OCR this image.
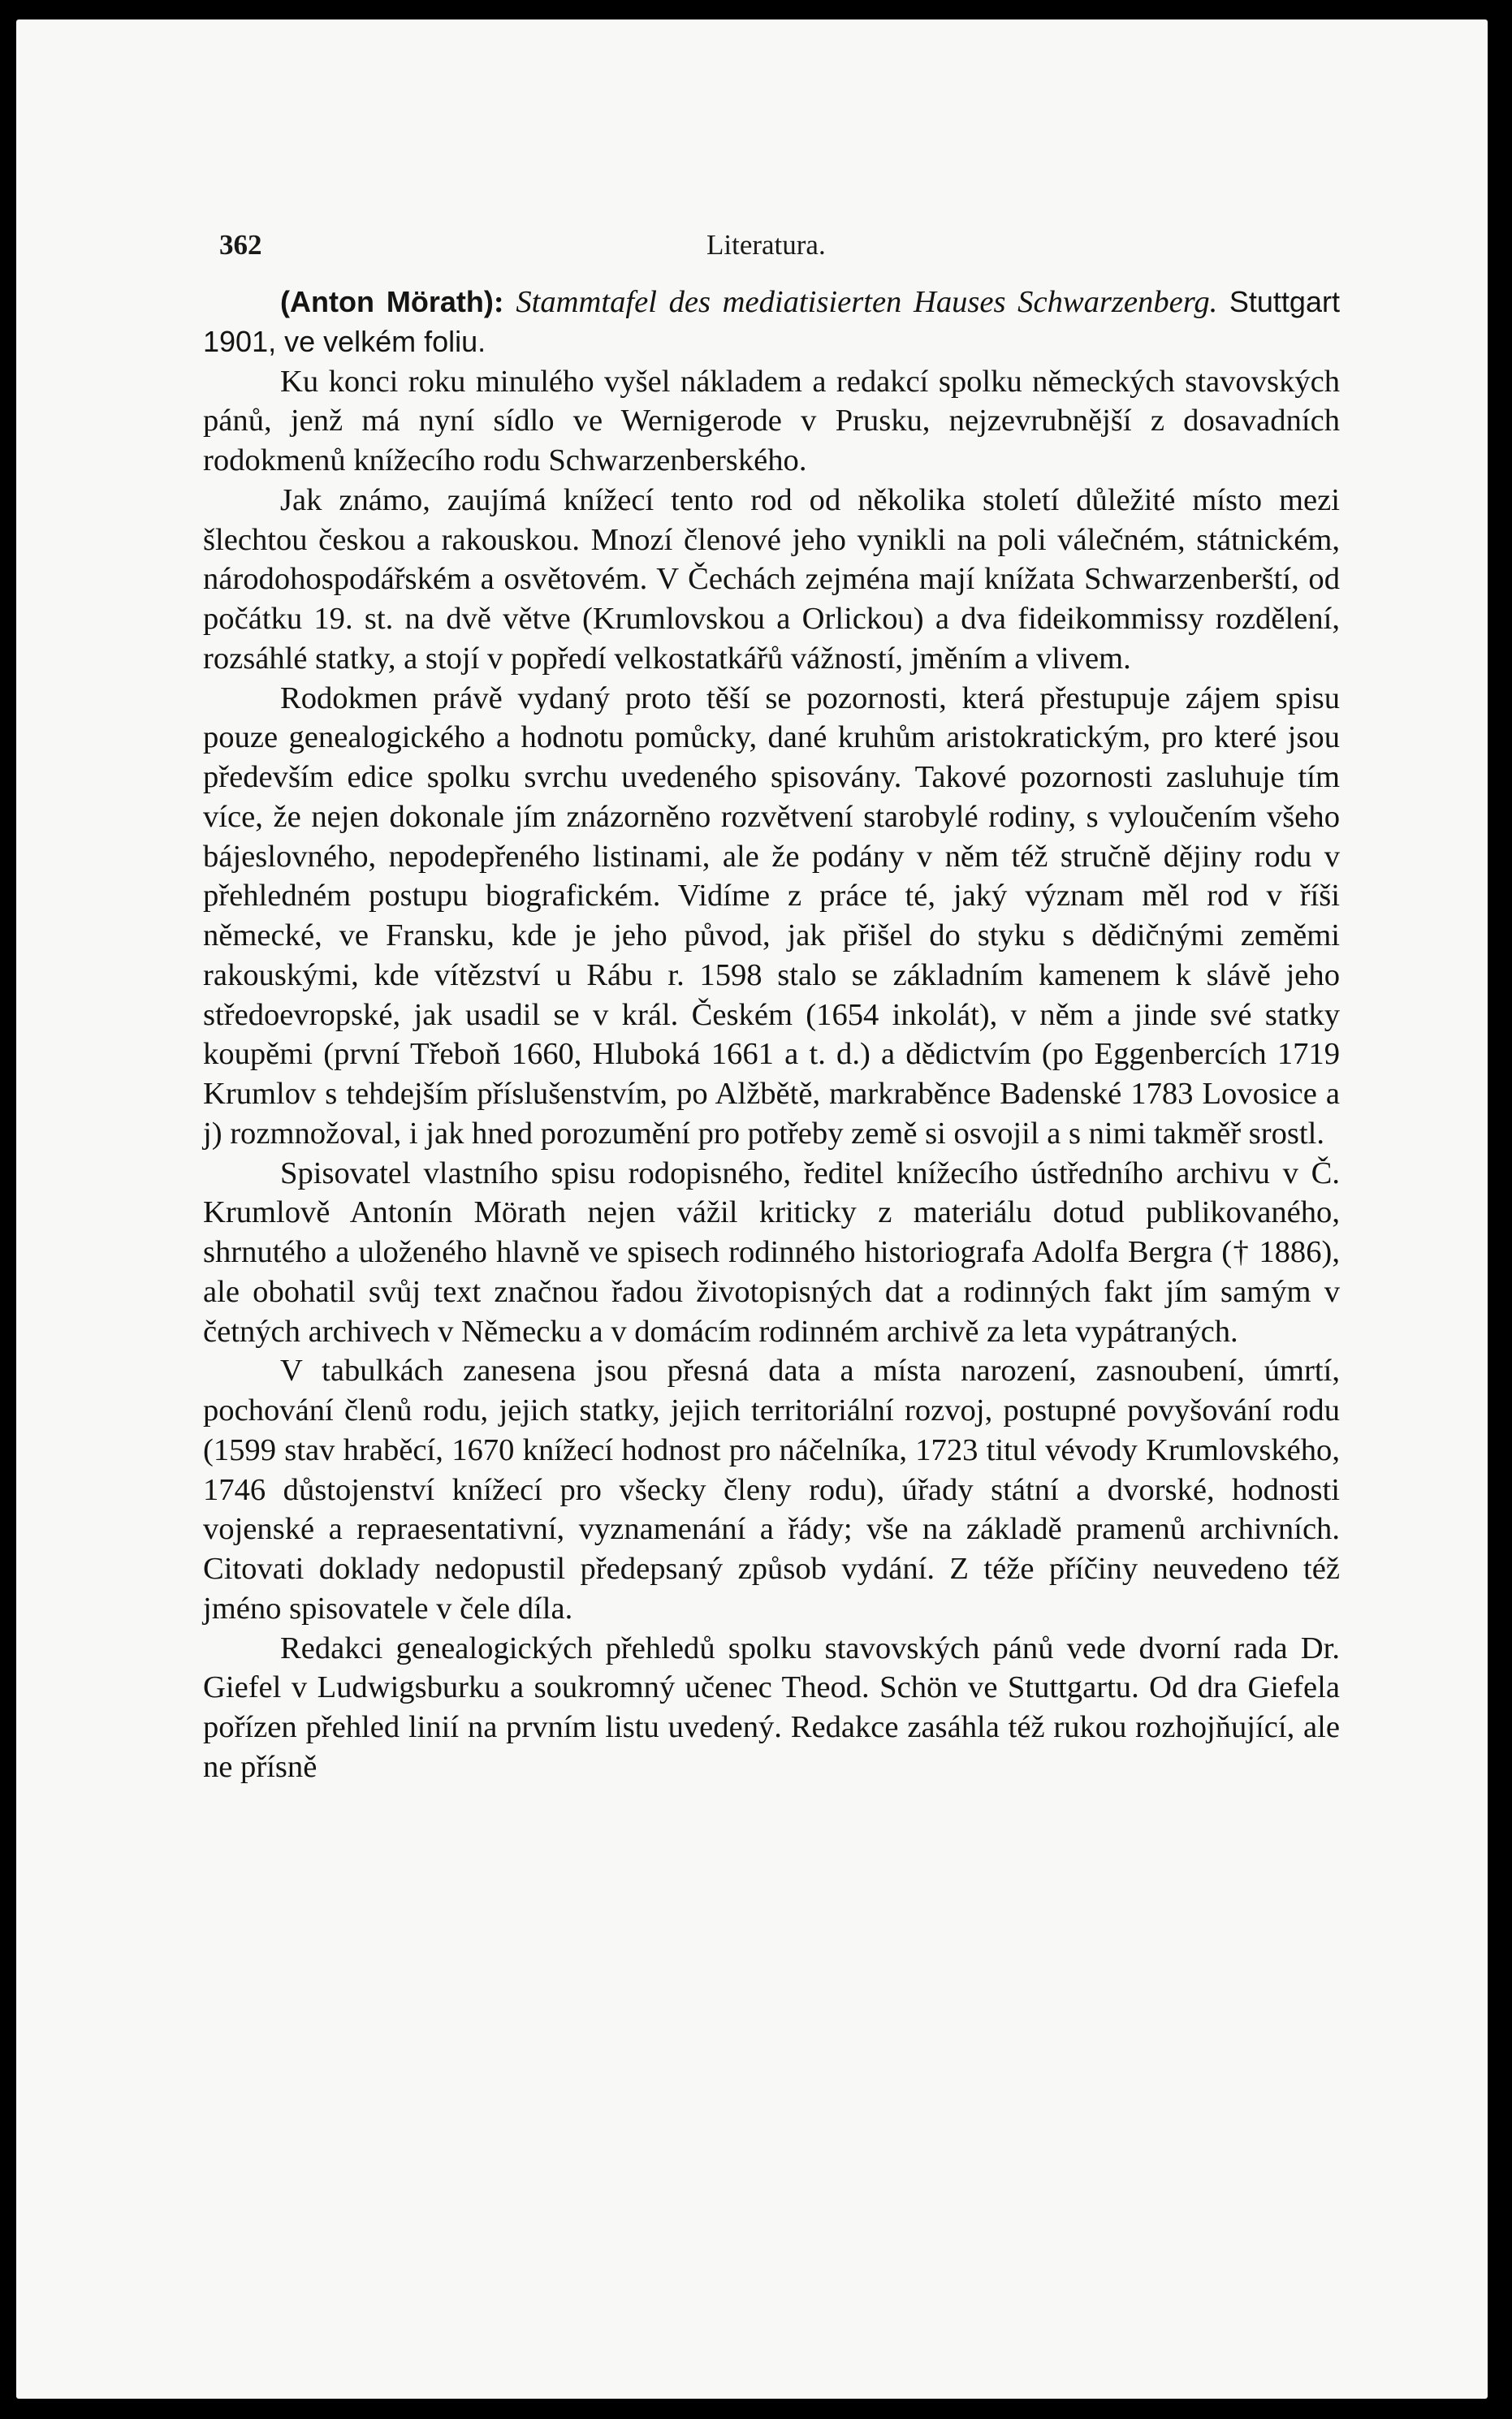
362	Literatura.

(Anton Mörath): Stammtafel des mediatisierten Hauses Schwarzenberg. Stuttgart 1901, ve velkém foliu.

Ku konci roku minulého vyšel nákladem a redakcí spolku německých stavovských pánů, jenž má nyní sídlo ve Wernigerode v Prusku, nejzevrubnější z dosavadních rodokmenů knížecího rodu Schwarzenberského.

Jak známo, zaujímá knížecí tento rod od několika století důležité místo mezi šlechtou českou a rakouskou. Mnozí členové jeho vynikli na poli válečném, státnickém, národohospodářském a osvětovém. V Čechách zejména mají knížata Schwarzenberští, od počátku 19. st. na dvě větve (Krumlovskou a Orlickou) a dva fideikommissy rozdělení, rozsáhlé statky, a stojí v popředí velkostatkářů vážností, jměním a vlivem.

Rodokmen právě vydaný proto těší se pozornosti, která přestupuje zájem spisu pouze genealogického a hodnotu pomůcky, dané kruhům aristokratickým, pro které jsou především edice spolku svrchu uvedeného spisovány. Takové pozornosti zasluhuje tím více, že nejen dokonale jím znázorněno rozvětvení starobylé rodiny, s vyloučením všeho bájeslovného, nepodepřeného listinami, ale že podány v něm též stručně dějiny rodu v přehledném postupu biografickém. Vidíme z práce té, jaký význam měl rod v říši německé, ve Fransku, kde je jeho původ, jak přišel do styku s dědičnými zeměmi rakouskými, kde vítězství u Rábu r. 1598 stalo se základním kamenem k slávě jeho středoevropské, jak usadil se v král. Českém (1654 inkolát), v něm a jinde své statky koupěmi (první Třeboň 1660, Hluboká 1661 a t. d.) a dědictvím (po Eggenbercích 1719 Krumlov s tehdejším příslušenstvím, po Alžbětě, markraběnce Badenské 1783 Lovosice a j) rozmnožoval, i jak hned porozumění pro potřeby země si osvojil a s nimi takměř srostl.

Spisovatel vlastního spisu rodopisného, ředitel knížecího ústředního archivu v Č. Krumlově Antonín Mörath nejen vážil kriticky z materiálu dotud publikovaného, shrnutého a uloženého hlavně ve spisech rodinného historiografa Adolfa Bergra († 1886), ale obohatil svůj text značnou řadou životopisných dat a rodinných fakt jím samým v četných archivech v Německu a v domácím rodinném archivě za leta vypátraných.

V tabulkách zanesena jsou přesná data a místa narození, zasnoubení, úmrtí, pochování členů rodu, jejich statky, jejich territoriální rozvoj, postupné povyšování rodu (1599 stav hraběcí, 1670 knížecí hodnost pro náčelníka, 1723 titul vévody Krumlovského, 1746 důstojenství knížecí pro všecky členy rodu), úřady státní a dvorské, hodnosti vojenské a repraesentativní, vyznamenání a řády; vše na základě pramenů archivních. Citovati doklady nedopustil předepsaný způsob vydání. Z téže příčiny neuvedeno též jméno spisovatele v čele díla.

Redakci genealogických přehledů spolku stavovských pánů vede dvorní rada Dr. Giefel v Ludwigsburku a soukromný učenec Theod. Schön ve Stuttgartu. Od dra Giefela pořízen přehled linií na prvním listu uvedený. Redakce zasáhla též rukou rozhojňující, ale ne přísně
